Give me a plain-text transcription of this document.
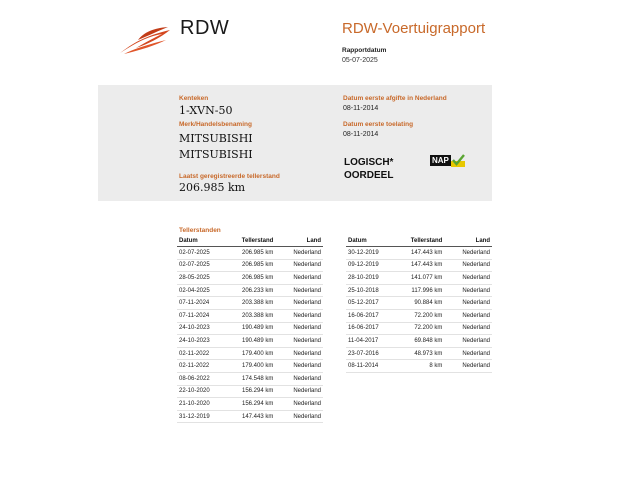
RDW	RDW-Voertuigrapport
Rapportdatum
05-07-2025
Kenteken
1-XVN-50
Merk/Handelsbenaming
MITSUBISHI
MITSUBISHI
Laatst geregistreerde tellerstand
206.985 km
Datum eerste afgifte in Nederland
08-11-2014
Datum eerste toelating
08-11-2014
LOGISCH*
OORDEEL
NAP
Tellerstanden
Datum	Tellerstand	Land
02-07-2025	206.985 km	Nederland
02-07-2025	206.985 km	Nederland
28-05-2025	206.985 km	Nederland
02-04-2025	206.233 km	Nederland
07-11-2024	203.388 km	Nederland
07-11-2024	203.388 km	Nederland
24-10-2023	190.489 km	Nederland
24-10-2023	190.489 km	Nederland
02-11-2022	179.400 km	Nederland
02-11-2022	179.400 km	Nederland
08-06-2022	174.548 km	Nederland
22-10-2020	156.294 km	Nederland
21-10-2020	156.294 km	Nederland
31-12-2019	147.443 km	Nederland
Datum	Tellerstand	Land
30-12-2019	147.443 km	Nederland
09-12-2019	147.443 km	Nederland
28-10-2019	141.077 km	Nederland
25-10-2018	117.996 km	Nederland
05-12-2017	90.884 km	Nederland
16-06-2017	72.200 km	Nederland
16-06-2017	72.200 km	Nederland
11-04-2017	69.848 km	Nederland
23-07-2016	48.973 km	Nederland
08-11-2014	8 km	Nederland
